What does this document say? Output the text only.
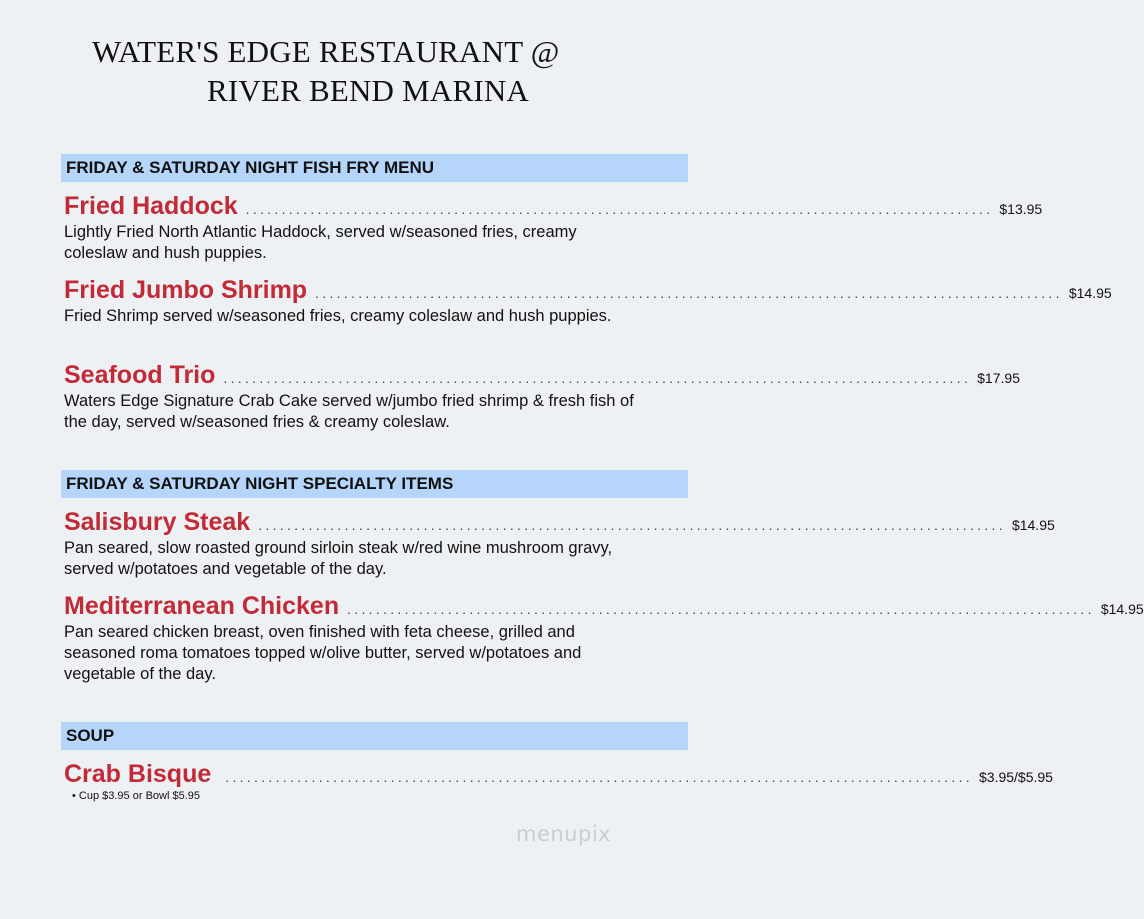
WATER'S EDGE RESTAURANT @
RIVER BEND MARINA
FRIDAY & SATURDAY NIGHT FISH FRY MENU
Fried Haddock ........................................................................................................ $13.95
Lightly Fried North Atlantic Haddock, served w/seasoned fries, creamy coleslaw and hush puppies.
Fried Jumbo Shrimp ........................................................................................................ $14.95
Fried Shrimp served w/seasoned fries, creamy coleslaw and hush puppies.
Seafood Trio ........................................................................................................ $17.95
Waters Edge Signature Crab Cake served w/jumbo fried shrimp & fresh fish of the day, served w/seasoned fries & creamy coleslaw.
FRIDAY & SATURDAY NIGHT SPECIALTY ITEMS
Salisbury Steak ........................................................................................................ $14.95
Pan seared, slow roasted ground sirloin steak w/red wine mushroom gravy, served w/potatoes and vegetable of the day.
Mediterranean Chicken ........................................................................................................ $14.95
Pan seared chicken breast, oven finished with feta cheese, grilled and seasoned roma tomatoes topped w/olive butter, served w/potatoes and vegetable of the day.
SOUP
Crab Bisque ........................................................................................................ $3.95/$5.95
• Cup $3.95 or Bowl $5.95
menupix
